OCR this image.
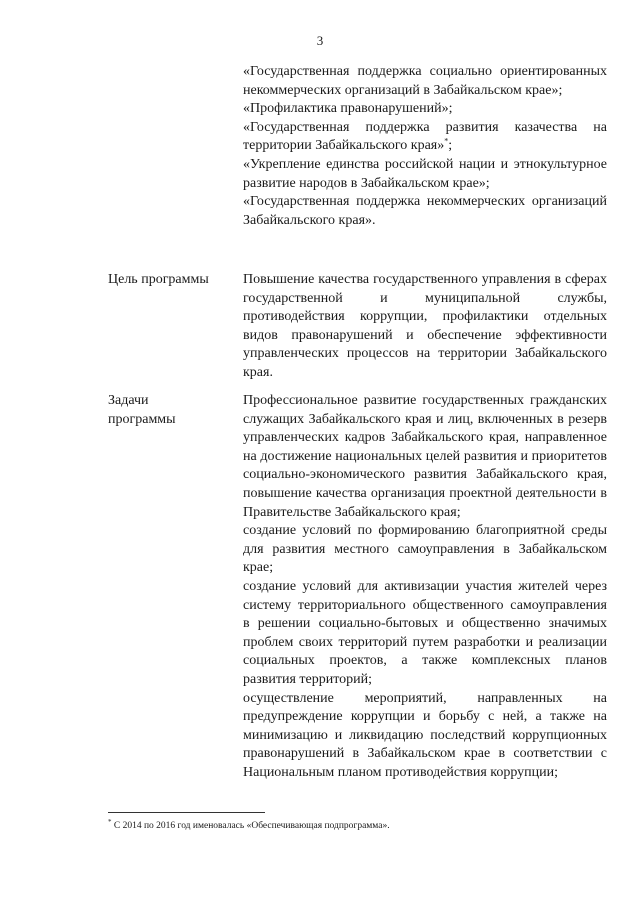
3

«Государственная поддержка социально ориентированных некоммерческих организаций в Забайкальском крае»;

«Профилактика правонарушений»;

«Государственная поддержка развития казачества на территории Забайкальского края»*;

«Укрепление единства российской нации и этнокультурное развитие народов в Забайкальском крае»;

«Государственная поддержка некоммерческих организаций Забайкальского края».

Цель программы	Повышение качества государственного управления в сферах государственной и муниципальной службы, противодействия коррупции, профилактики отдельных видов правонарушений и обеспечение эффективности управленческих процессов на территории Забайкальского края.

Задачи программы

Профессиональное развитие государственных гражданских служащих Забайкальского края и лиц, включенных в резерв управленческих кадров Забайкальского края, направленное на достижение национальных целей развития и приоритетов социально-экономического развития Забайкальского края, повышение качества организация проектной деятельности в Правительстве Забайкальского края;

создание условий по формированию благоприятной среды для развития местного самоуправления в Забайкальском крае;

создание условий для активизации участия жителей через систему территориального общественного самоуправления в решении социально-бытовых и общественно значимых проблем своих территорий путем разработки и реализации социальных проектов, а также комплексных планов развития территорий;

осуществление мероприятий, направленных на предупреждение коррупции и борьбу с ней, а также на минимизацию и ликвидацию последствий коррупционных правонарушений в Забайкальском крае в соответствии с Национальным планом противодействия коррупции;

* С 2014 по 2016 год именовалась «Обеспечивающая подпрограмма».
